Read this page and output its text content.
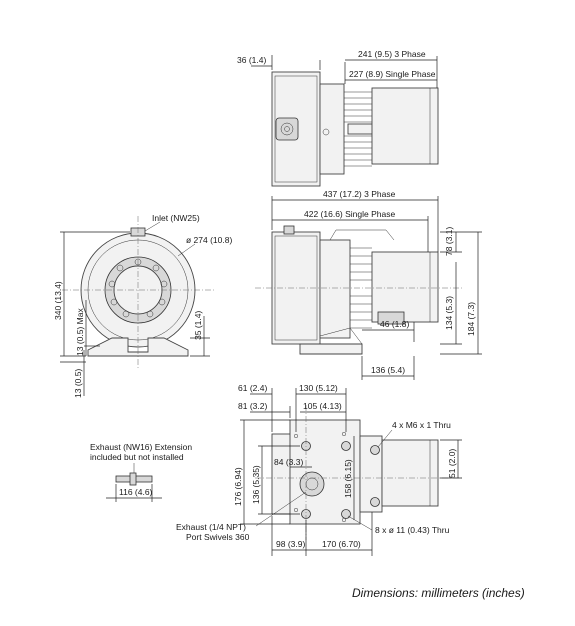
36 (1.4)
241 (9.5) 3 Phase
227 (8.9) Single Phase
437 (17.2) 3 Phase
422 (16.6) Single Phase
78 (3.1)
134 (5.3) 184 (7.3)
46 (1.8)
136 (5.4)
Inlet (NW25)
ø 274 (10.8)
340 (13.4)
13 (0.5) Max	35 (1.4)
13 (0.5)	61 (2.4)	130 (5.12)
81 (3.2)	105 (4.13)
4 x M6 x 1 Thru
84 (3.3)
176 (6.94) 136 (5.35)	158 (6.15)	51 (2.0)
8 x ø 11 (0.43) Thru
98 (3.9) 170 (6.70)
Exhaust (1/4 NPT)
Port Swivels 360
Exhaust (NW16) Extension
included but not installed
116 (4.6)
Dimensions: millimeters (inches)
